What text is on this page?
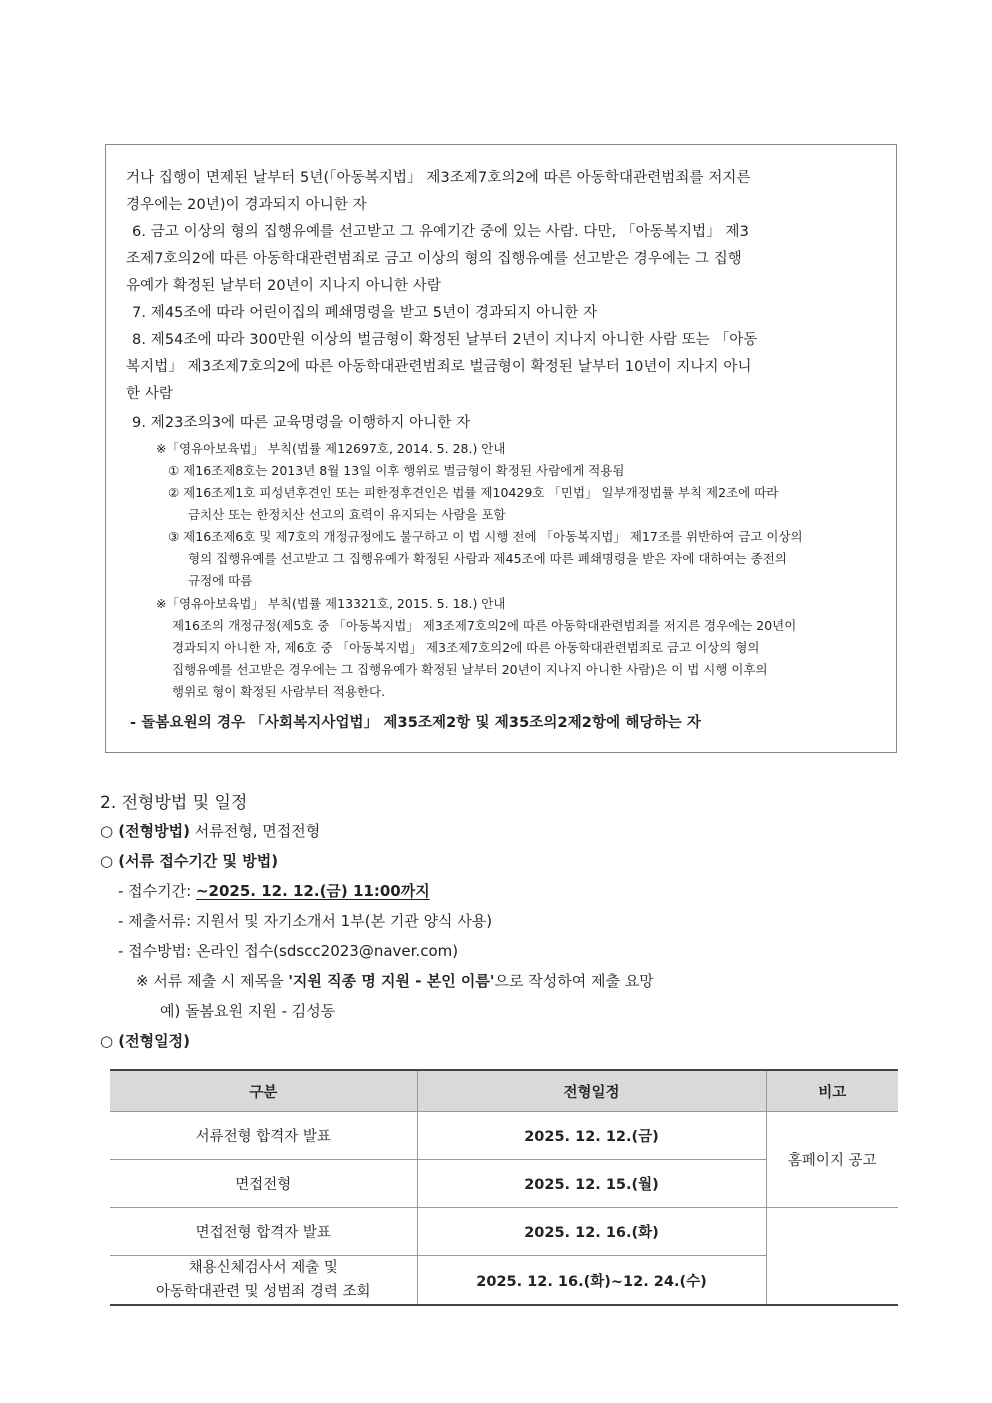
거나 집행이 면제된 날부터 5년(「아동복지법」 제3조제7호의2에 따른 아동학대관련범죄를 저지른
경우에는 20년)이 경과되지 아니한 자
6. 금고 이상의 형의 집행유예를 선고받고 그 유예기간 중에 있는 사람. 다만, 「아동복지법」 제3
조제7호의2에 따른 아동학대관련범죄로 금고 이상의 형의 집행유예를 선고받은 경우에는 그 집행
유예가 확정된 날부터 20년이 지나지 아니한 사람
7. 제45조에 따라 어린이집의 폐쇄명령을 받고 5년이 경과되지 아니한 자
8. 제54조에 따라 300만원 이상의 벌금형이 확정된 날부터 2년이 지나지 아니한 사람 또는 「아동
복지법」 제3조제7호의2에 따른 아동학대관련범죄로 벌금형이 확정된 날부터 10년이 지나지 아니
한 사람
9. 제23조의3에 따른 교육명령을 이행하지 아니한 자
※「영유아보육법」 부칙(법률 제12697호, 2014. 5. 28.) 안내
① 제16조제8호는 2013년 8월 13일 이후 행위로 벌금형이 확정된 사람에게 적용됨
② 제16조제1호 피성년후견인 또는 피한정후견인은 법률 제10429호 「민법」 일부개정법률 부칙 제2조에 따라
금치산 또는 한정치산 선고의 효력이 유지되는 사람을 포함
③ 제16조제6호 및 제7호의 개정규정에도 불구하고 이 법 시행 전에 「아동복지법」 제17조를 위반하여 금고 이상의
형의 집행유예를 선고받고 그 집행유예가 확정된 사람과 제45조에 따른 폐쇄명령을 받은 자에 대하여는 종전의
규정에 따름
※「영유아보육법」 부칙(법률 제13321호, 2015. 5. 18.) 안내
제16조의 개정규정(제5호 중 「아동복지법」 제3조제7호의2에 따른 아동학대관련범죄를 저지른 경우에는 20년이
경과되지 아니한 자, 제6호 중 「아동복지법」 제3조제7호의2에 따른 아동학대관련범죄로 금고 이상의 형의
집행유예를 선고받은 경우에는 그 집행유예가 확정된 날부터 20년이 지나지 아니한 사람)은 이 법 시행 이후의
행위로 형이 확정된 사람부터 적용한다.
- 돌봄요원의 경우 「사회복지사업법」 제35조제2항 및 제35조의2제2항에 해당하는 자
2. 전형방법 및 일정
○ (전형방법) 서류전형, 면접전형
○ (서류 접수기간 및 방법)
- 접수기간: ~2025. 12. 12.(금) 11:00까지
- 제출서류: 지원서 및 자기소개서 1부(본 기관 양식 사용)
- 접수방법: 온라인 접수(sdscc2023@naver.com)
※ 서류 제출 시 제목을 '지원 직종 명 지원 - 본인 이름'으로 작성하여 제출 요망
예) 돌봄요원 지원 - 김성동
○ (전형일정)
구분	전형일정	비고
서류전형 합격자 발표	2025. 12. 12.(금)	홈페이지 공고
면접전형	2025. 12. 15.(월)	
면접전형 합격자 발표	2025. 12. 16.(화)	

채용신체검사서 제출 및
아동학대관련 및 성범죄 경력 조회	2025. 12. 16.(화)~12. 24.(수)	
